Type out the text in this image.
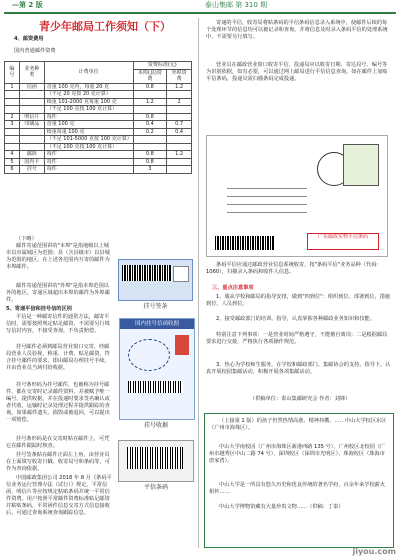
—第 2 版	泰山集邮 第 310 期
青少年邮局工作须知（下）
4、邮资费用
国内普通邮件资费
编号	业务种类	计费单位	资费标准(元)	
			本埠(县)资费	外埠资费
1	信函	首重 100 克内，每重 20 克	0.8	1.2
		（不足 20 克按 20 克计算）		
		续重 101-2000 克每重 100 克	1.2	2
		（不足 100 克按 100 克计算）		
2	明信片	每件	0.8	
3	印刷品	首重 100 克	0.4	0.7
		续重每重 100 克	0.2	0.4
		（不足 101-5000 克按 100 克计算）		
		（不足 100 克按 100 克计算）		
4	邮简	每件	0.8	1.2
5	国内卡	每件	0.8	
6	挂号	每件	3	
（下略）

邮件寄递范围讲的"本埠"是指地级以上城市以市属城区为范围；县（含县级市）以县城为范围的地区，在上述各范围内互寄的邮件为本埠邮件。

邮件寄递范围讲的"外埠"是指本埠范围以外的地区。寄递区域超出本埠的邮件为外埠邮件。

5、寄递平信和挂号信的区别

平信是一种邮寄信件的通常方法，邮寄平信时，需要按照规定贴足邮资，不需要另行填写信封内容，不接受查询，不负责赔偿。

挂号邮件必须到邮局营业窗口交寄，经邮局营业人员验视，称重、计费、贴足邮资，符合挂号邮件的要求，即由邮局办理挂号手续，并由营业员当场付给收据。

挂号条形码为挂号邮件，也被称为挂号邮件，都在交寄时记录邮件资料，并被赋予唯一编号，提供收据，并在投递时要求签名确认或者代收，运输时记录处理过程并提供跟踪的查询。如果邮件遗失、损毁或被退回，可以提出一项赔偿。

挂号条形码是在交寄时贴在邮件上，可凭它在邮件跟踪时核查。

挂号签条贴在邮件正面左上角，由营业员在上面填写收寄日戳、收寄局号和条码等，可作为查询依据。

中国邮政集团公司 2018 年 8 月《条码平信业务运行管理办法（试行）》规定，平常信函、明信片等应按规定粘贴条码并统一平常信件资费。用户按照平常邮件资费标准贴足邮资并粘贴条码，平常函件信息交寄方式信息接收后，可通过查询系统查询跟踪信息。

挂号签条
国内挂号信函收据
挂号收据
平信条码

寄递的平信，收寄局将贴条码的平信条码信息录入系统中，使邮件后续的每个处理环节的信息均可以被记录和查询，并将信息及时录入条码平信的处理系统中，不需要另行填写。

营业员在邮政营业窗口收寄平信，投递局应以收寄日期、寄达局号、编号等为识别依据，如有必要，可以通过网上邮局进行平信信息查询。如在邮件上加贴平信条码，投递员需扫描条码完成投递。

广东邮政实物平信条码

条码平信应通过邮政营业信息系统收寄，按"条码平信"业务品种（代码：1060），扫描录入条码和收件人信息。

三、重点注意事项

1、服从学校和邮局的指导安排，做到"四到位"：组织到位、部署到位、措施到位、人员到位。

2、接受邮政部门的培训、指导，认真掌握各种邮政业务知识和技能。

特别注意下列事项：一是营业时间严格遵守，不能擅自离岗；二是根据邮局要求进行交接，严格执行各项操作规范。

3、热心为学校师生服务，在学校和邮政部门、集邮协会的支持、指导下，认真开展校园集邮活动，积极开展各项集邮活动。

（供稿单位：泰山集邮研究会 作者：刘锋）

（上接第 1 版）的孩子仍然热情高涨，精神抖擞。……中山大学校区东区（广州市海珠区）。

中山大学南校园（广州市海珠区新港西路 135 号）、广州校区北校园（广州市越秀区中山二路 74 号）、深圳校区（深圳市光明区）、珠海校区（珠海市唐家湾）。

中山大学是一所具有悠久历史和优良传统的著名学府，百余年来学校薪火相传……

中山大学博物馆藏有大量珍贵文物……（供稿：丁泰）

jiyou.com
